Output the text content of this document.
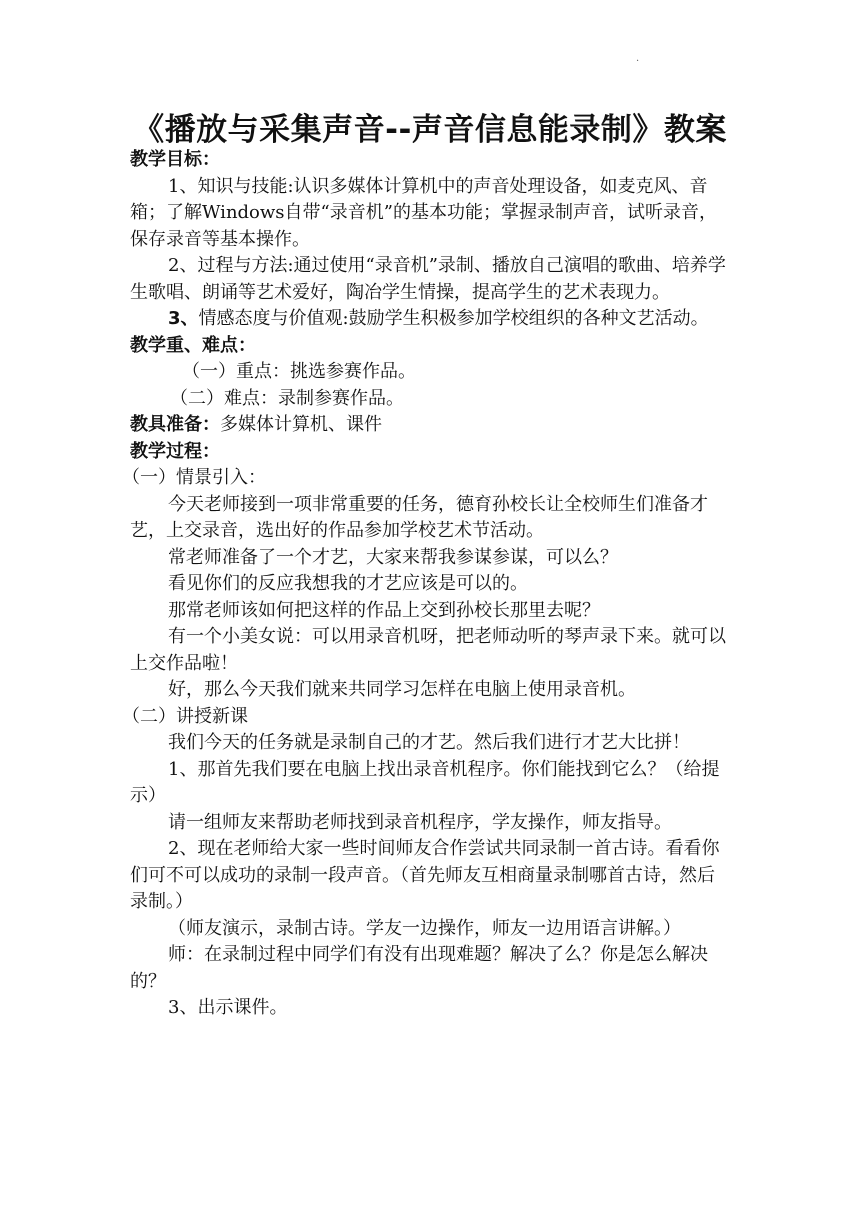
·
《播放与采集声音--声音信息能录制》教案

教学目标：

1、知识与技能:认识多媒体计算机中的声音处理设备，如麦克风、音箱；了解Windows自带“录音机”的基本功能；掌握录制声音，试听录音，保存录音等基本操作。

2、过程与方法:通过使用“录音机”录制、播放自己演唱的歌曲、培养学生歌唱、朗诵等艺术爱好，陶冶学生情操，提高学生的艺术表现力。

3、情感态度与价值观:鼓励学生积极参加学校组织的各种文艺活动。

教学重、难点：

（一）重点：挑选参赛作品。

（二）难点：录制参赛作品。

教具准备：多媒体计算机、课件

教学过程：

（一）情景引入：

今天老师接到一项非常重要的任务，德育孙校长让全校师生们准备才艺，上交录音，选出好的作品参加学校艺术节活动。

常老师准备了一个才艺，大家来帮我参谋参谋，可以么？

看见你们的反应我想我的才艺应该是可以的。

那常老师该如何把这样的作品上交到孙校长那里去呢？

有一个小美女说：可以用录音机呀，把老师动听的琴声录下来。就可以上交作品啦！

好，那么今天我们就来共同学习怎样在电脑上使用录音机。

（二）讲授新课

我们今天的任务就是录制自己的才艺。然后我们进行才艺大比拼！

1、那首先我们要在电脑上找出录音机程序。你们能找到它么？（给提示）

请一组师友来帮助老师找到录音机程序，学友操作，师友指导。

2、现在老师给大家一些时间师友合作尝试共同录制一首古诗。看看你们可不可以成功的录制一段声音。（首先师友互相商量录制哪首古诗，然后录制。）

（师友演示，录制古诗。学友一边操作，师友一边用语言讲解。）

师：在录制过程中同学们有没有出现难题？解决了么？你是怎么解决的？

3、出示课件。
